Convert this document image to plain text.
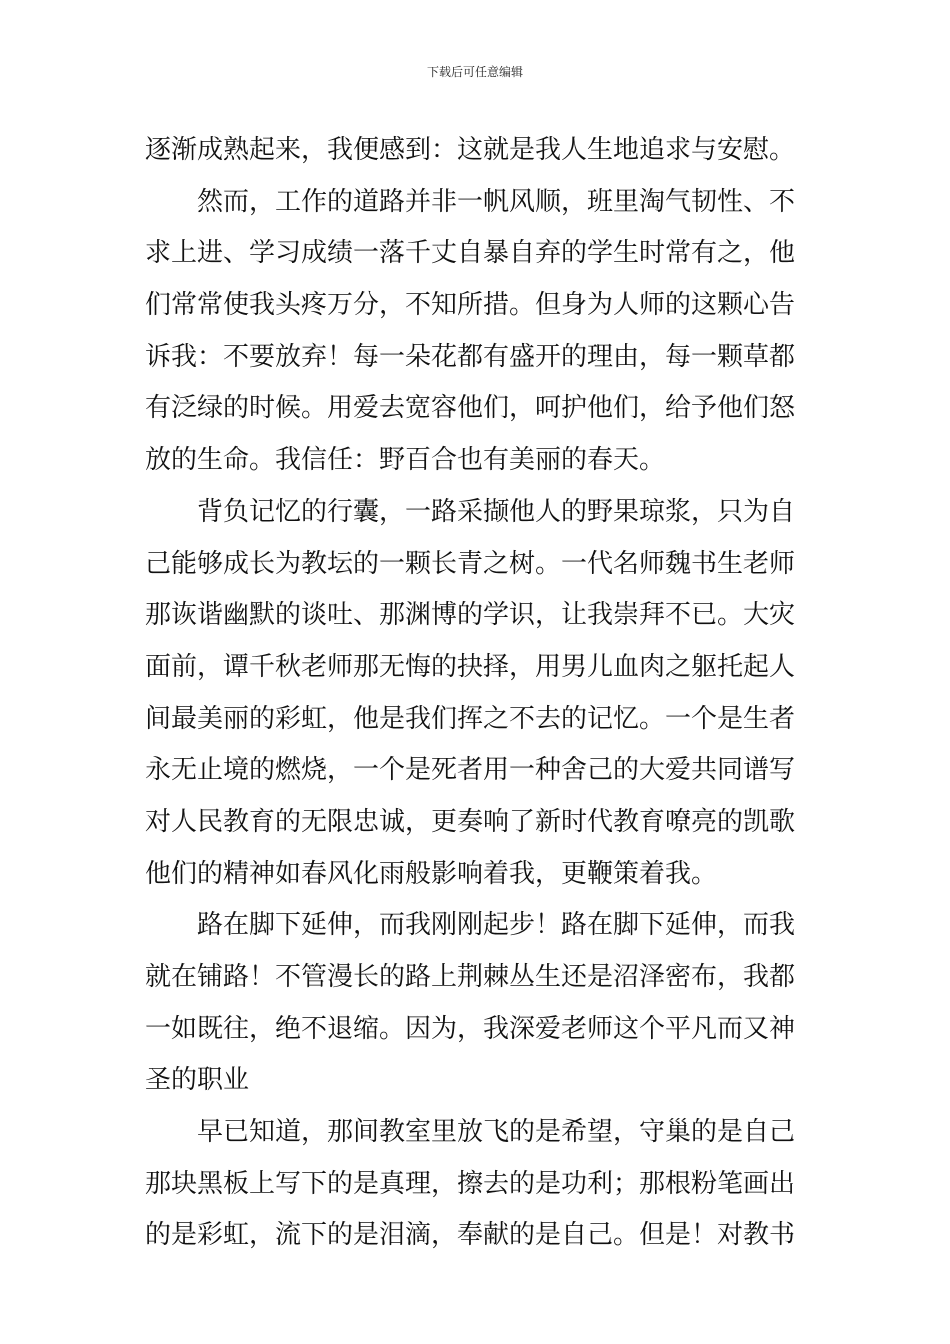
下载后可任意编辑
逐渐成熟起来，我便感到：这就是我人生地追求与安慰。
　　然而，工作的道路并非一帆风顺，班里淘气韧性、不
求上进、学习成绩一落千丈自暴自弃的学生时常有之，他
们常常使我头疼万分，不知所措。但身为人师的这颗心告
诉我：不要放弃！每一朵花都有盛开的理由，每一颗草都
有泛绿的时候。用爱去宽容他们，呵护他们，给予他们怒
放的生命。我信任：野百合也有美丽的春天。
　　背负记忆的行囊，一路采撷他人的野果琼浆，只为自
己能够成长为教坛的一颗长青之树。一代名师魏书生老师
那诙谐幽默的谈吐、那渊博的学识，让我崇拜不已。大灾
面前，谭千秋老师那无悔的抉择，用男儿血肉之躯托起人
间最美丽的彩虹，他是我们挥之不去的记忆。一个是生者
永无止境的燃烧，一个是死者用一种舍己的大爱共同谱写
对人民教育的无限忠诚，更奏响了新时代教育嘹亮的凯歌
他们的精神如春风化雨般影响着我，更鞭策着我。
　　路在脚下延伸，而我刚刚起步！路在脚下延伸，而我
就在铺路！不管漫长的路上荆棘丛生还是沼泽密布，我都
一如既往，绝不退缩。因为，我深爱老师这个平凡而又神
圣的职业
　　早已知道，那间教室里放飞的是希望，守巢的是自己
那块黑板上写下的是真理，擦去的是功利；那根粉笔画出
的是彩虹，流下的是泪滴，奉献的是自己。但是！对教书
